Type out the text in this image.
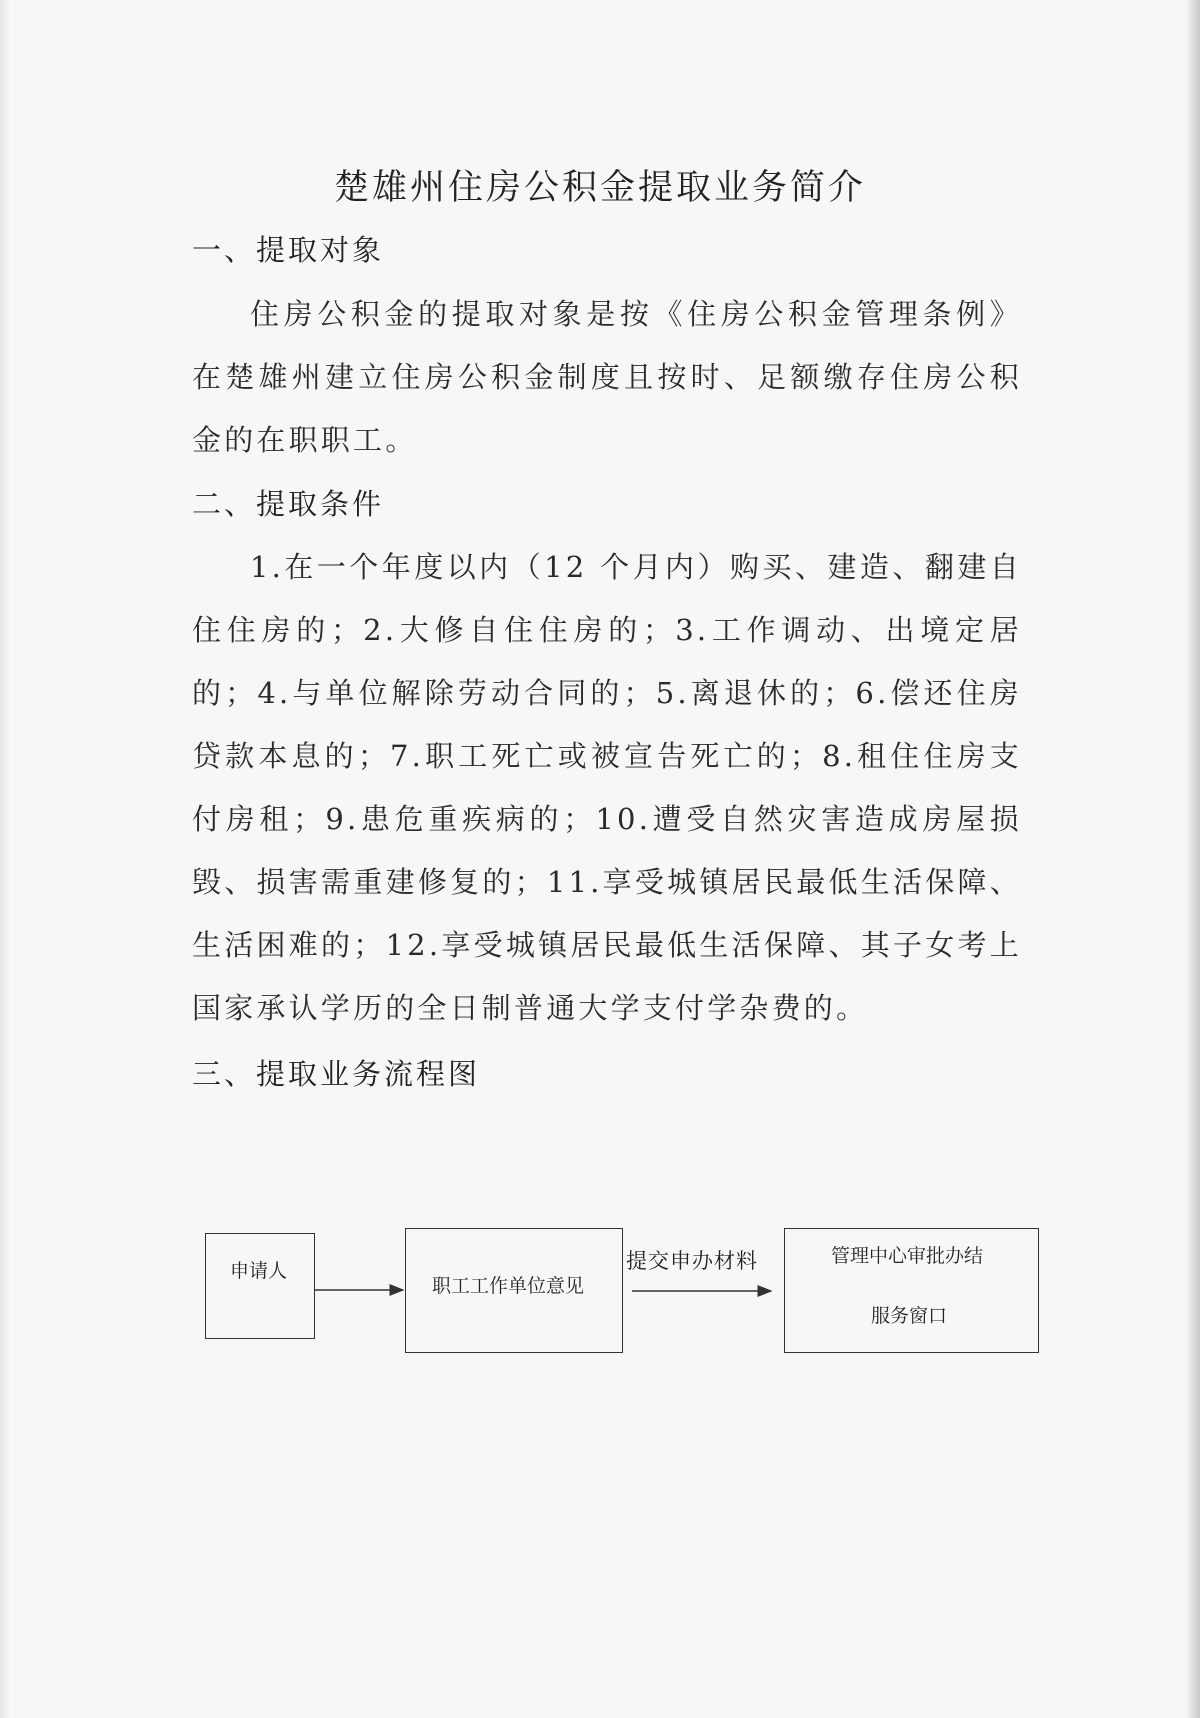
楚雄州住房公积金提取业务简介
一、提取对象

住房公积金的提取对象是按《住房公积金管理条例》在楚雄州建立住房公积金制度且按时、足额缴存住房公积金的在职职工。

二、提取条件

1.在一个年度以内（12 个月内）购买、建造、翻建自住住房的；2.大修自住住房的；3.工作调动、出境定居的；4.与单位解除劳动合同的；5.离退休的；6.偿还住房贷款本息的；7.职工死亡或被宣告死亡的；8.租住住房支付房租；9.患危重疾病的；10.遭受自然灾害造成房屋损毁、损害需重建修复的；11.享受城镇居民最低生活保障、生活困难的；12.享受城镇居民最低生活保障、其子女考上国家承认学历的全日制普通大学支付学杂费的。

三、提取业务流程图
申请人
职工工作单位意见
提交申办材料	管理中心审批办结
服务窗口
